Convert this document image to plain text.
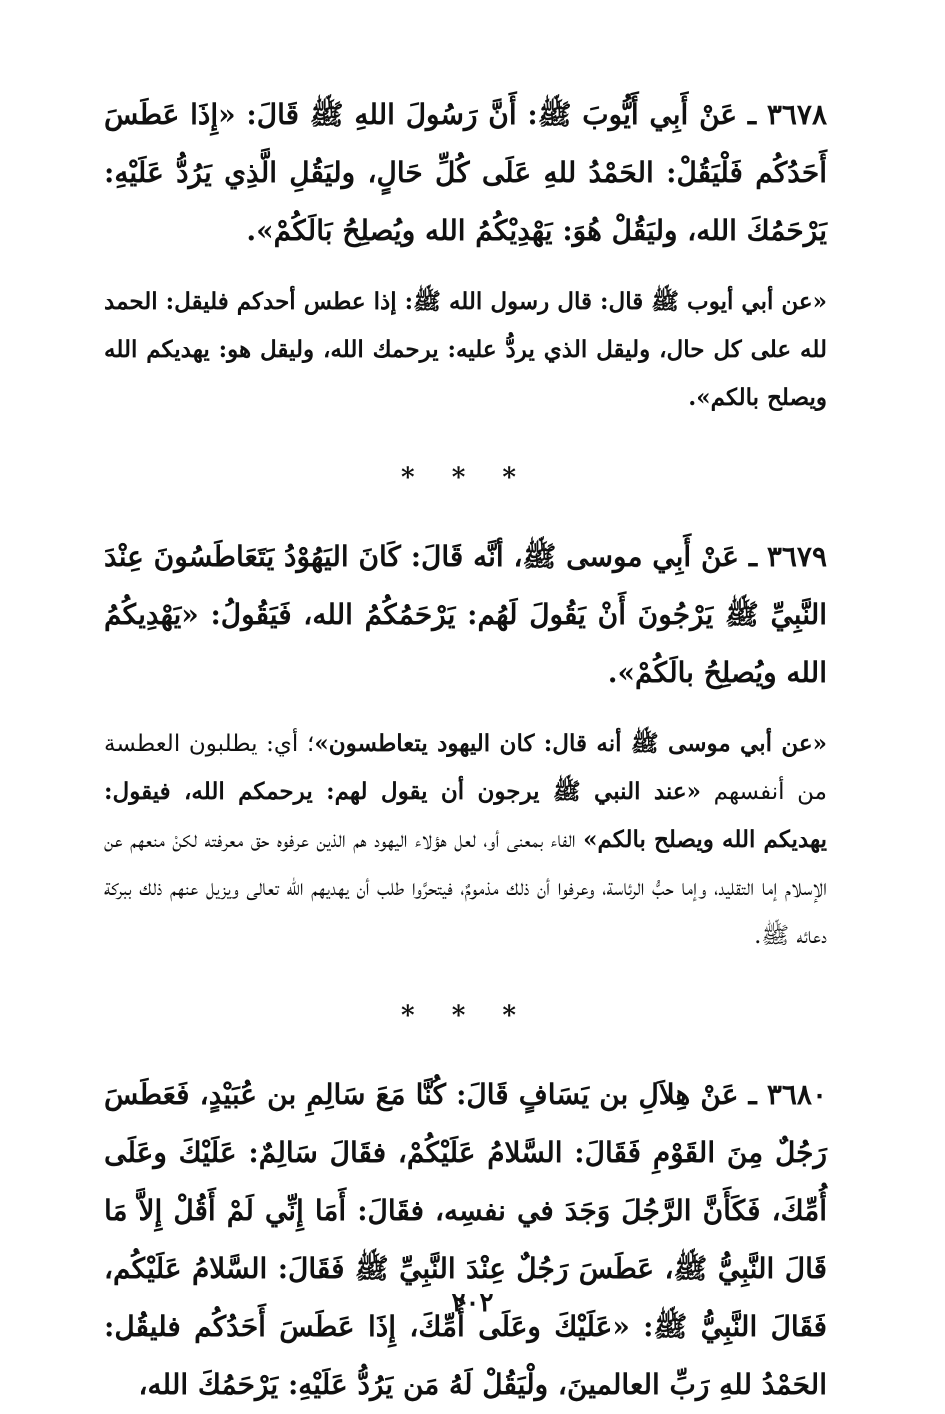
٣٦٧٨ ـ عَنْ أَبِي أَيُّوبَ ﷺ: أَنَّ رَسُولَ اللهِ ﷺ قَالَ: «إِذَا عَطَسَ أَحَدُكُم فَلْيَقُلْ: الحَمْدُ للهِ عَلَى كُلِّ حَالٍ، وليَقُلِ الَّذِي يَرُدُّ عَلَيْهِ: يَرْحَمُكَ الله، وليَقُلْ هُوَ: يَهْدِيْكُمُ الله ويُصلِحُ بَالَكُمْ».

«عن أبي أيوب ﷺ قال: قال رسول الله ﷺ: إذا عطس أحدكم فليقل: الحمد لله على كل حال، وليقل الذي يردُّ عليه: يرحمك الله، وليقل هو: يهديكم الله ويصلح بالكم».

* * *

٣٦٧٩ ـ عَنْ أَبِي موسى ﷺ، أنَّه قَالَ: كَانَ اليَهُوْدُ يَتَعَاطَسُونَ عِنْدَ النَّبِيِّ ﷺ يَرْجُونَ أَنْ يَقُولَ لَهُم: يَرْحَمُكُمُ الله، فَيَقُولُ: «يَهْدِيكُمُ الله ويُصلِحُ بالَكُمْ».

«عن أبي موسى ﷺ أنه قال: كان اليهود يتعاطسون»؛ أي: يطلبون العطسة من أنفسهم «عند النبي ﷺ يرجون أن يقول لهم: يرحمكم الله، فيقول: يهديكم الله ويصلح بالكم» الفاء بمعنى أو، لعل هؤلاء اليهود هم الذين عرفوه حق معرفته لكنْ منعهم عن الإسلام إما التقليد، وإما حبُّ الرئاسة، وعرفوا أن ذلك مذمومٌ، فيتحرَّوا طلب أن يهديهم الله تعالى ويزيل عنهم ذلك ببركة دعائه ﷺ.

* * *

٣٦٨٠ ـ عَنْ هِلاَلِ بن يَسَافٍ قَالَ: كُنَّا مَعَ سَالِمِ بن عُبَيْدٍ، فَعَطَسَ رَجُلٌ مِنَ القَوْمِ فَقَالَ: السَّلامُ عَلَيْكُمْ، فقَالَ سَالِمٌ: عَلَيْكَ وعَلَى أُمِّكَ، فَكَأَنَّ الرَّجُلَ وَجَدَ في نفسِه، فقَالَ: أَمَا إِنِّي لَمْ أَقُلْ إِلاَّ مَا قَالَ النَّبِيُّ ﷺ، عَطَسَ رَجُلٌ عِنْدَ النَّبِيِّ ﷺ فَقَالَ: السَّلامُ عَلَيْكُم، فَقَالَ النَّبِيُّ ﷺ: «عَلَيْكَ وعَلَى أُمِّكَ، إِذَا عَطَسَ أَحَدُكُم فليقُل: الحَمْدُ للهِ رَبِّ العالمينَ، ولْيَقُلْ لَهُ مَن يَرُدُّ عَلَيْهِ: يَرْحَمُكَ الله،

٢٠٢
